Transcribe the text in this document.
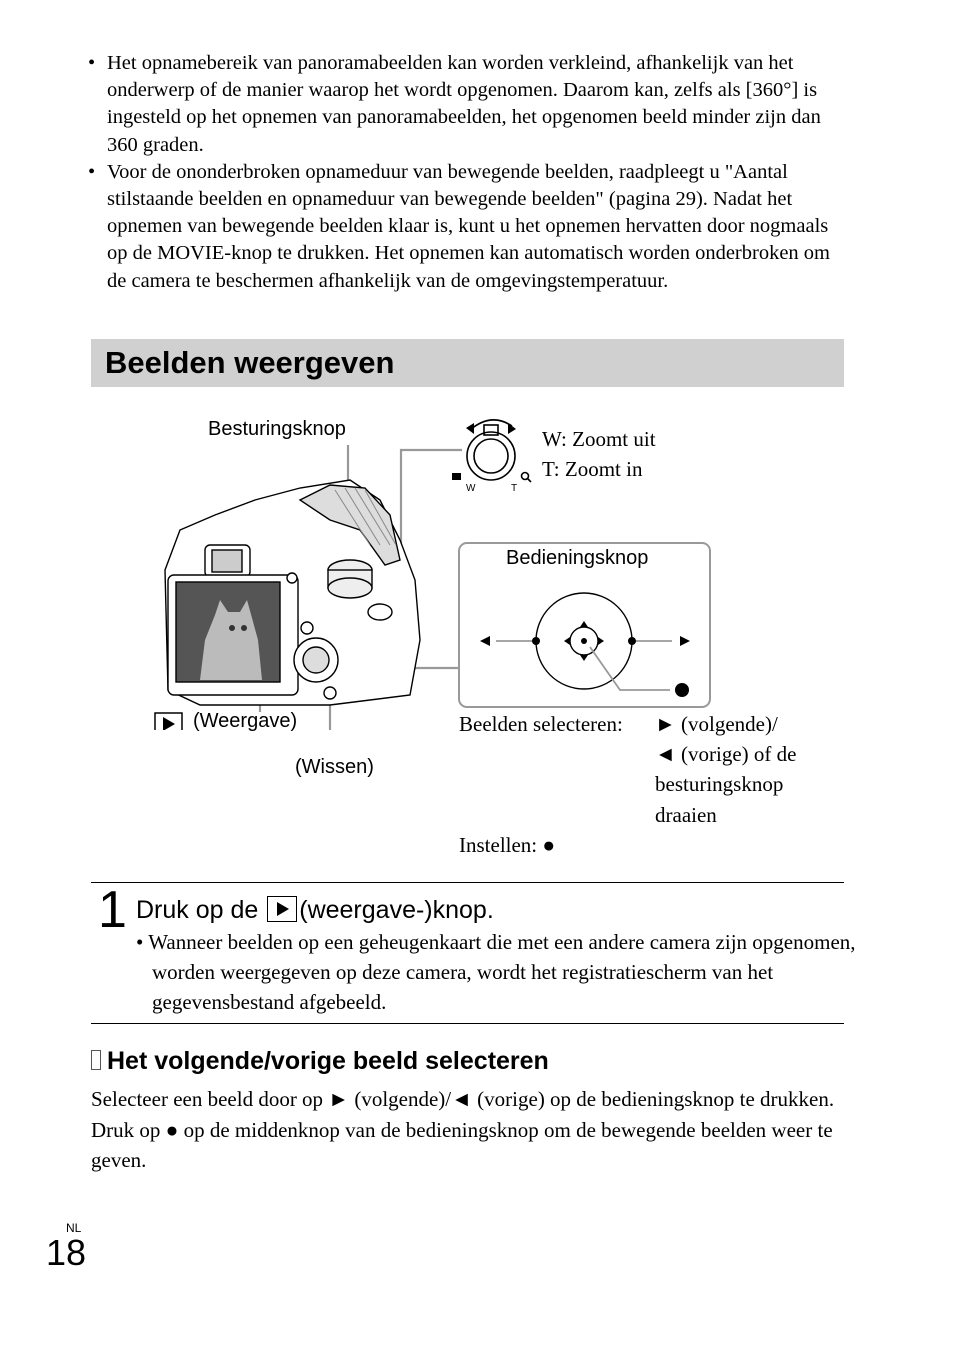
• Het opnamebereik van panoramabeelden kan worden verkleind, afhankelijk van het onderwerp of de manier waarop het wordt opgenomen. Daarom kan, zelfs als [360°] is ingesteld op het opnemen van panoramabeelden, het opgenomen beeld minder zijn dan 360 graden.

• Voor de ononderbroken opnameduur van bewegende beelden, raadpleegt u "Aantal stilstaande beelden en opnameduur van bewegende beelden" (pagina 29). Nadat het opnemen van bewegende beelden klaar is, kunt u het opnemen hervatten door nogmaals op de MOVIE-knop te drukken. Het opnemen kan automatisch worden onderbroken om de camera te beschermen afhankelijk van de omgevingstemperatuur.

Beelden weergeven
W	T
Besturingsknop	W: Zoomt uit
T: Zoomt in
Bedieningsknop
(Weergave)
(Wissen)
Beelden selecteren: ► (volgende)/
◄ (vorige) of de
besturingsknop
draaien
Instellen: ●
1 Druk op de (weergave-)knop.
• Wanneer beelden op een geheugenkaart die met een andere camera zijn opgenomen, worden weergegeven op deze camera, wordt het registratiescherm van het gegevensbestand afgebeeld.
Het volgende/vorige beeld selecteren
Selecteer een beeld door op ► (volgende)/◄ (vorige) op de bedieningsknop te drukken. Druk op ● op de middenknop van de bedieningsknop om de bewegende beelden weer te geven.
NL
18
